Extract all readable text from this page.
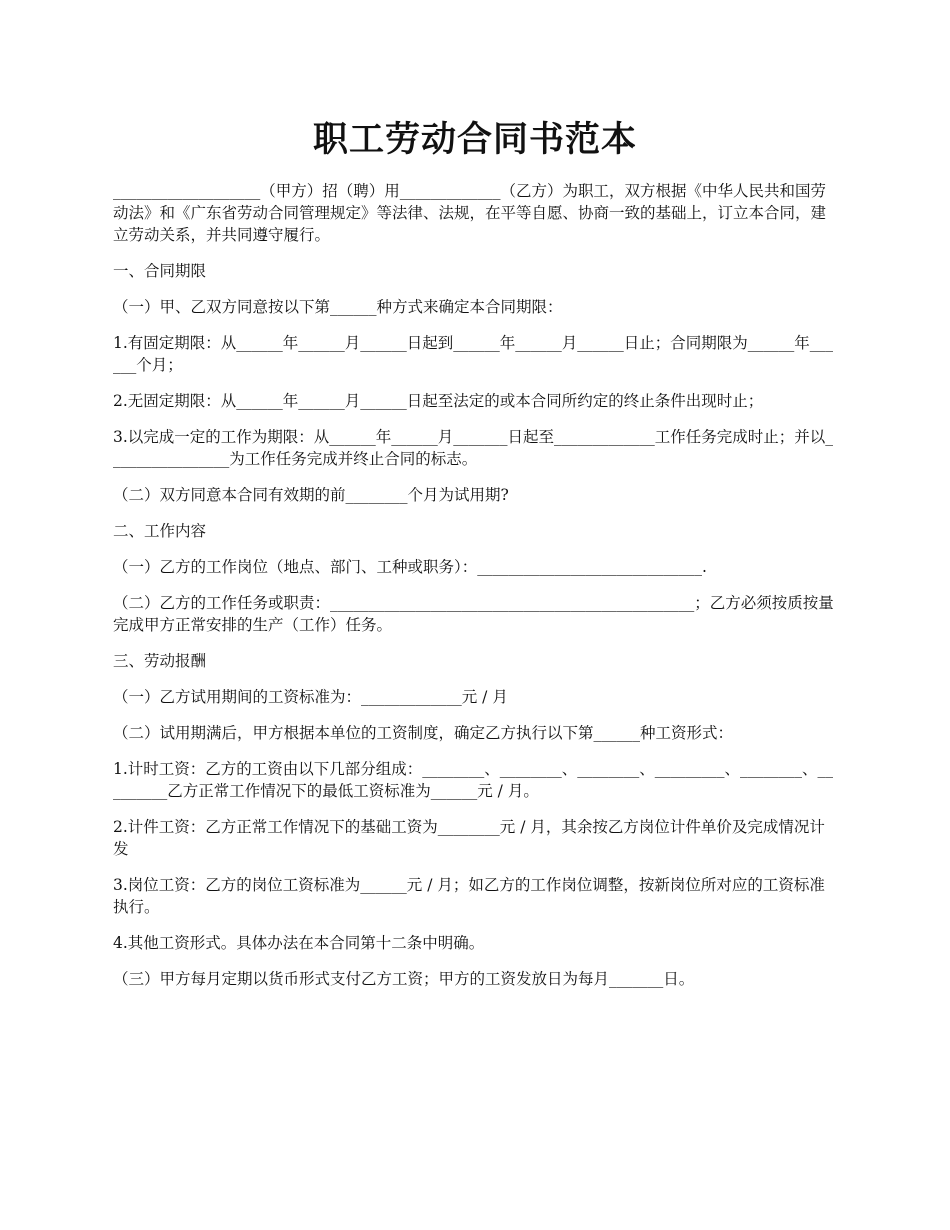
职工劳动合同书范本

___________________（甲方）招（聘）用_____________（乙方）为职工，双方根据《中华人民共和国劳动法》和《广东省劳动合同管理规定》等法律、法规，在平等自愿、协商一致的基础上，订立本合同，建立劳动关系，并共同遵守履行。

一、合同期限

（一）甲、乙双方同意按以下第______种方式来确定本合同期限：

1.有固定期限：从______年______月______日起到______年______月______日止；合同期限为______年______个月；

2.无固定期限：从______年______月______日起至法定的或本合同所约定的终止条件出现时止；

3.以完成一定的工作为期限：从______年______月_______日起至_____________工作任务完成时止；并以________________为工作任务完成并终止合同的标志。

（二）双方同意本合同有效期的前________个月为试用期?

二、工作内容

（一）乙方的工作岗位（地点、部门、工种或职务）：_____________________________.

（二）乙方的工作任务或职责：_______________________________________________；乙方必须按质按量完成甲方正常安排的生产（工作）任务。

三、劳动报酬

（一）乙方试用期间的工资标准为：_____________元 / 月

（二）试用期满后，甲方根据本单位的工资制度，确定乙方执行以下第______种工资形式：

1.计时工资：乙方的工资由以下几部分组成：________、________、________、_________、________、_________乙方正常工作情况下的最低工资标准为______元 / 月。

2.计件工资：乙方正常工作情况下的基础工资为________元 / 月，其余按乙方岗位计件单价及完成情况计发

3.岗位工资：乙方的岗位工资标准为______元 / 月；如乙方的工作岗位调整，按新岗位所对应的工资标准执行。

4.其他工资形式。具体办法在本合同第十二条中明确。

（三）甲方每月定期以货币形式支付乙方工资；甲方的工资发放日为每月_______日。
